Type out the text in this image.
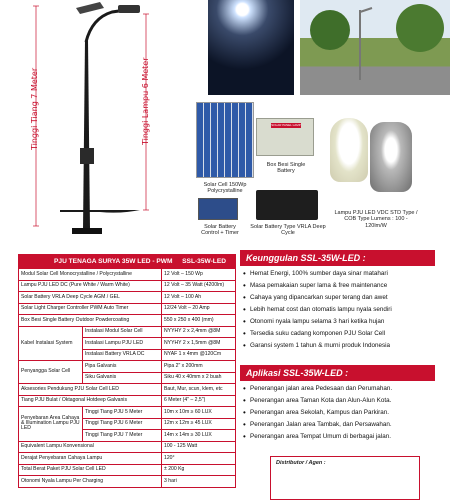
Tinggi Tiang 7 Meter	Tinggi Lampu 6 Meter
Solar Cell 150Wp Polycrystalline
SOLAR PANEL LAMP
Box Besi Single Battery
Solar Battery Control + Timer
Solar Battery Type VRLA Deep Cycle
Lampu PJU LED VDC STD Type / COB Type Lumens : 100 - 120lm/W
PJU TENAGA SURYA 35W LED - PWM SSL-35W-LED
Modul Solar Cell Monocrystalline / Polycrystalline		12 Volt – 150 Wp
Lampu PJU LED DC (Pure White / Warm White)		12 Volt – 35 Watt (4200lm)
Solar Battery VRLA Deep Cycle AGM / GEL		12 Volt – 100 Ah
Solar Light Charger Controller PWM Auto Timer		12/24 Volt – 20 Amp
Box Besi Single Battery Outdoor Powdercoating		550 x 250 x 400 (mm)
Kabel Instalasi System	Instalasi Modul Solar Cell	NYYHY 2 x 2,4mm @8M
	Instalasi Lampu PJU LED	NYYHY 2 x 1,5mm @8M
	Instalasi Battery VRLA DC	NYAF 1 x 4mm @120Cm
Penyangga Solar Cell	Pipa Galvanis	Pipa 2" x 200mm
	Siku Galvanis	Siku 40 x 40mm x 2 buah
Aksesories Pendukung PJU Solar Cell LED		Baut, Mur, scun, klem, etc
Tiang PJU Bulat / Oktagonal Hotdeep Galvanis		6 Meter (4" – 2,5")
Penyebaran Area Cahaya & Illumination Lampu PJU LED	Tinggi Tiang PJU 5 Meter	10m x 10m ≥ 60 LUX
	Tinggi Tiang PJU 6 Meter	12m x 12m ≥ 45 LUX
	Tinggi Tiang PJU 7 Meter	14m x 14m ≥ 30 LUX
Equivalent Lampu Konvensional		100 - 125 Watt
Derajat Penyebaran Cahaya Lampu		120°
Total Berat Paket PJU Solar Cell LED		± 200 Kg
Otonomi Nyala Lampu Per Charging		3 hari
Keunggulan SSL-35W-LED :
• Hemat Energi, 100% sumber daya sinar matahari
• Masa pemakaian super lama & free maintenance
• Cahaya yang dipancarkan super terang dan awet
• Lebih hemat cost dan otomatis lampu nyala sendiri
• Otonomi nyala lampu selama 3 hari ketika hujan
• Tersedia suku cadang komponen PJU Solar Cell
• Garansi system 1 tahun & murni produk Indonesia
Aplikasi SSL-35W-LED :
• Penerangan jalan area Pedesaan dan Perumahan.
• Penerangan area Taman Kota dan Alun-Alun Kota.
• Penerangan area Sekolah, Kampus dan Parkiran.
• Penerangan Jalan area Tambak, dan Persawahan.
• Penerangan area Tempat Umum di berbagai jalan.
Distributor / Agen :
